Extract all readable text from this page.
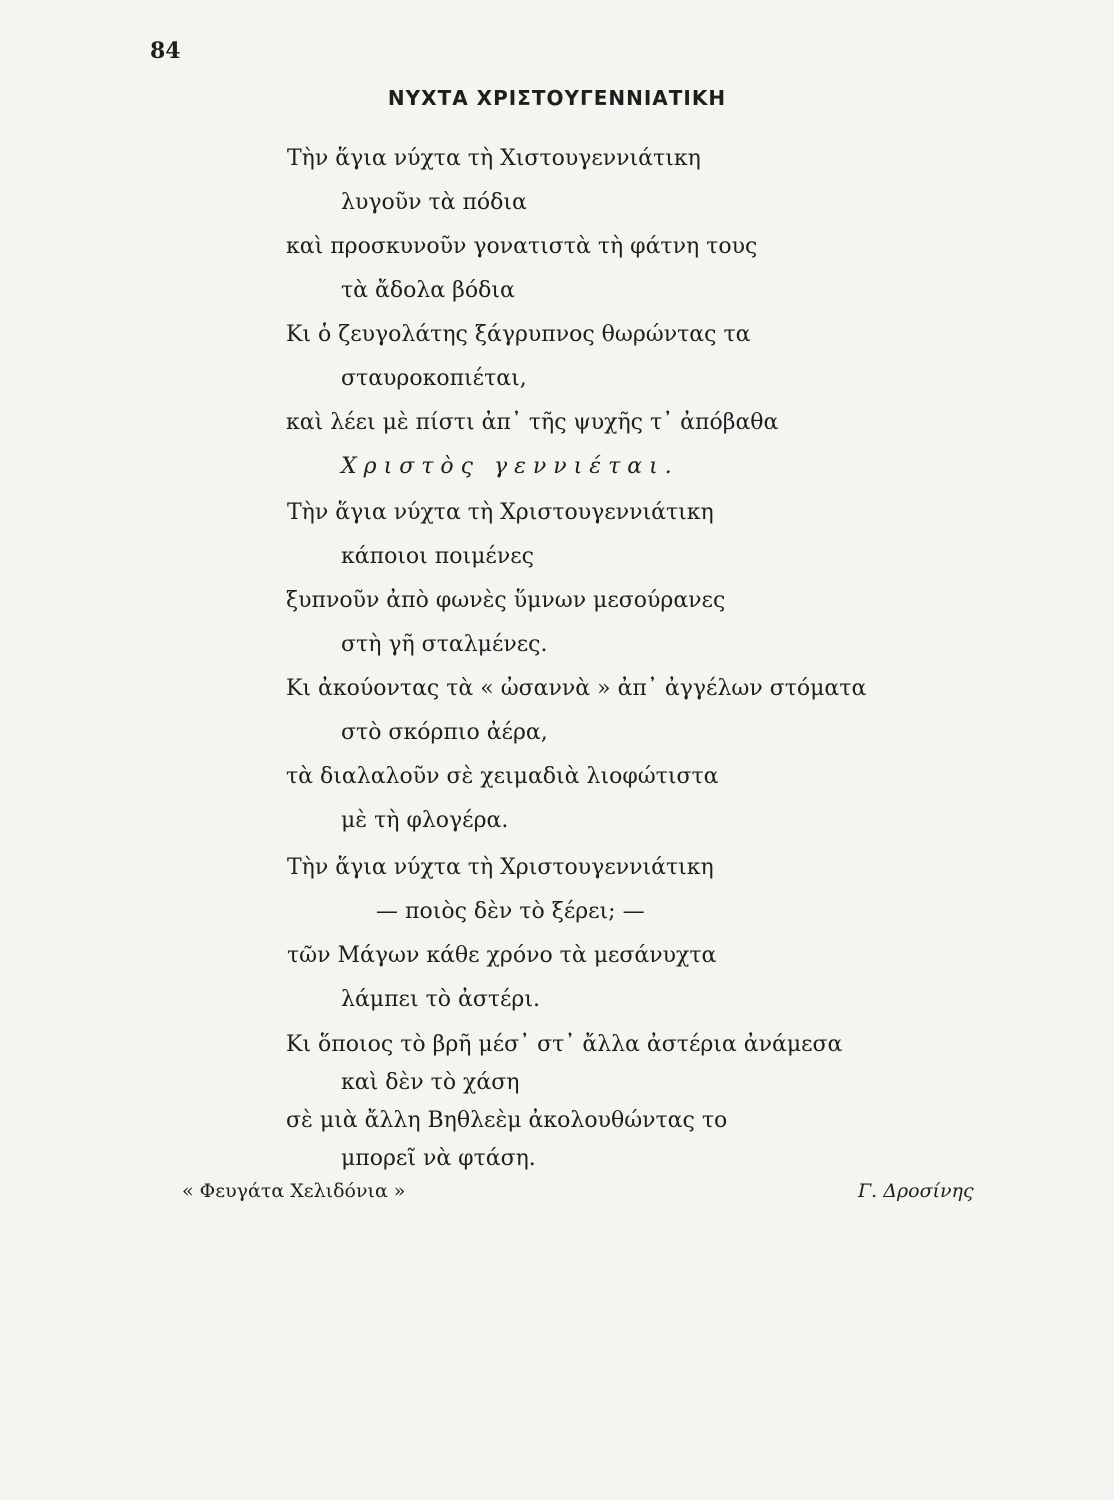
84
ΝΥΧΤΑ ΧΡΙΣΤΟΥΓΕΝΝΙΑΤΙΚΗ
Τὴν ἅγια νύχτα τὴ Χιστουγεννιάτικη
λυγοῦν τὰ πόδια
καὶ προσκυνοῦν γονατιστὰ τὴ φάτνη τους
τὰ ἄδολα βόδια
Κι ὁ ζευγολάτης ξάγρυπνος θωρώντας τα
σταυροκοπιέται,
καὶ λέει μὲ πίστι ἀπ᾽ τῆς ψυχῆς τ᾽ ἀπόβαθα
Χριστὸς γεννιέται.
Τὴν ἅγια νύχτα τὴ Χριστουγεννιάτικη
κάποιοι ποιμένες
ξυπνοῦν ἀπὸ φωνὲς ὕμνων μεσούρανες
στὴ γῆ σταλμένες.
Κι ἀκούοντας τὰ « ὠσαννὰ » ἀπ᾽ ἀγγέλων στόματα
στὸ σκόρπιο ἀέρα,
τὰ διαλαλοῦν σὲ χειμαδιὰ λιοφώτιστα
μὲ τὴ φλογέρα.
Τὴν ἅγια νύχτα τὴ Χριστουγεννιάτικη
— ποιὸς δὲν τὸ ξέρει; —
τῶν Μάγων κάθε χρόνο τὰ μεσάνυχτα
λάμπει τὸ ἀστέρι.
Κι ὅποιος τὸ βρῆ μέσ᾽ στ᾽ ἄλλα ἀστέρια ἀνάμεσα
καὶ δὲν τὸ χάση
σὲ μιὰ ἄλλη Βηθλεὲμ ἀκολουθώντας το
μπορεῖ νὰ φτάση.
« Φευγάτα Χελιδόνια »	Γ. Δροσίνης
